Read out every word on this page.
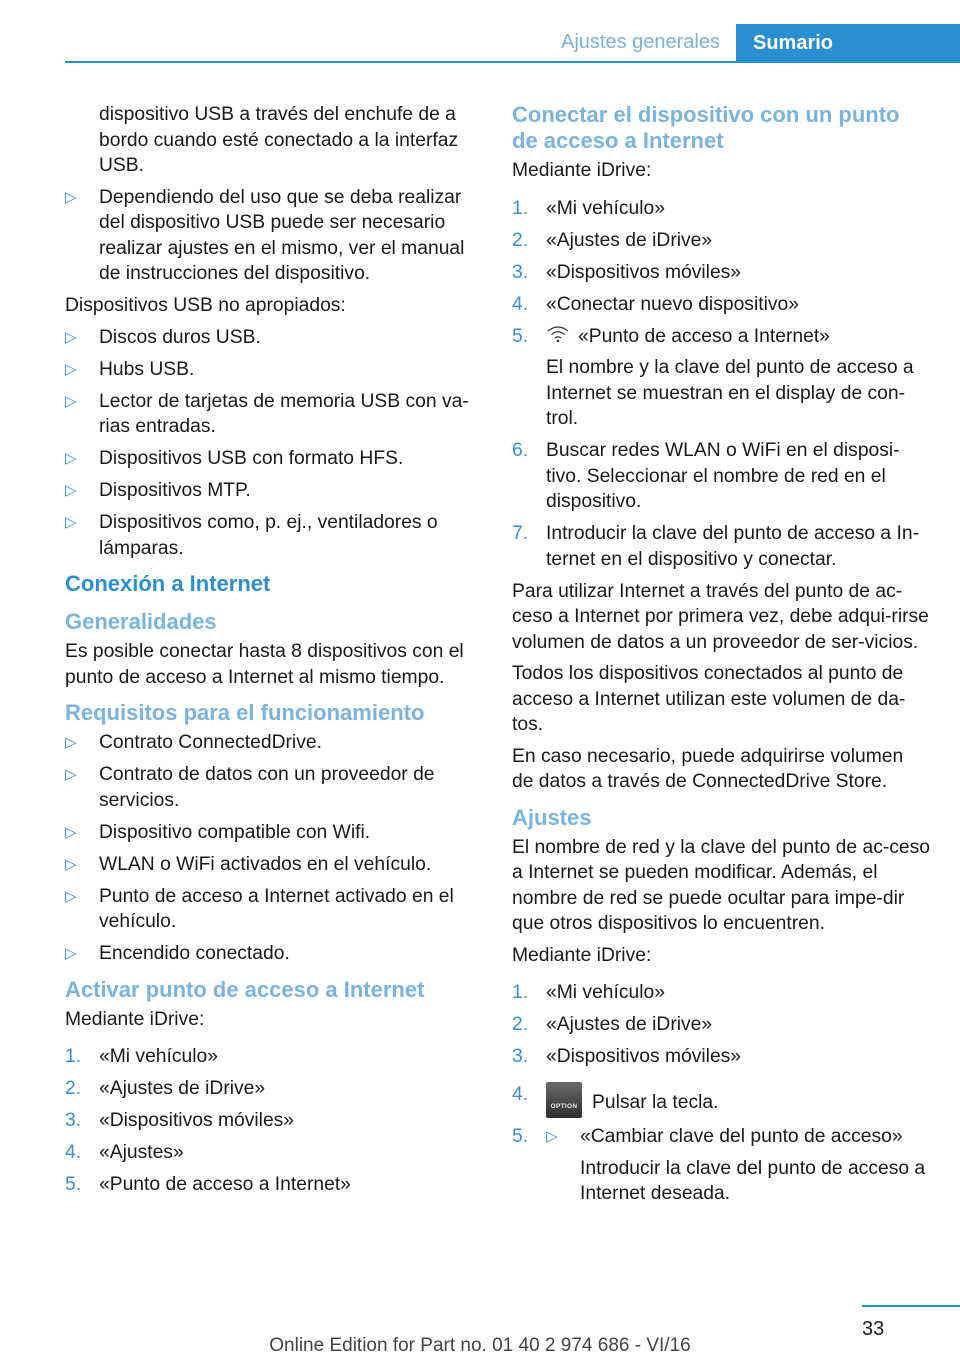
Ajustes generales	Sumario

dispositivo USB a través del enchufe de a bordo cuando esté conectado a la interfaz USB.

▷ Dependiendo del uso que se deba realizar del dispositivo USB puede ser necesario realizar ajustes en el mismo, ver el manual de instrucciones del dispositivo.

Dispositivos USB no apropiados:

▷ Discos duros USB.
▷ Hubs USB.
▷ Lector de tarjetas de memoria USB con va‐rias entradas.
▷ Dispositivos USB con formato HFS.
▷ Dispositivos MTP.
▷ Dispositivos como, p. ej., ventiladores o lámparas.
Conexión a Internet
Generalidades

Es posible conectar hasta 8 dispositivos con el punto de acceso a Internet al mismo tiempo.

Requisitos para el funcionamiento
▷ Contrato ConnectedDrive.
▷ Contrato de datos con un proveedor de servicios.
▷ Dispositivo compatible con Wifi.
▷ WLAN o WiFi activados en el vehículo.
▷ Punto de acceso a Internet activado en el vehículo.
▷ Encendido conectado.
Activar punto de acceso a Internet

Mediante iDrive:

1. «Mi vehículo»
2. «Ajustes de iDrive»
3. «Dispositivos móviles»
4. «Ajustes»
5. «Punto de acceso a Internet»
Conectar el dispositivo con un punto de acceso a Internet

Mediante iDrive:

1. «Mi vehículo»
2. «Ajustes de iDrive»
3. «Dispositivos móviles»
4. «Conectar nuevo dispositivo»
5.	«Punto de acceso a Internet»
El nombre y la clave del punto de acceso a Internet se muestran en el display de con‐trol.
6. Buscar redes WLAN o WiFi en el disposi‐tivo. Seleccionar el nombre de red en el dispositivo.
7. Introducir la clave del punto de acceso a In‐ternet en el dispositivo y conectar.

Para utilizar Internet a través del punto de ac‐ceso a Internet por primera vez, debe adqui‐rirse volumen de datos a un proveedor de ser‐vicios.

Todos los dispositivos conectados al punto de acceso a Internet utilizan este volumen de da‐tos.

En caso necesario, puede adquirirse volumen de datos a través de ConnectedDrive Store.

Ajustes

El nombre de red y la clave del punto de ac‐ceso a Internet se pueden modificar. Además, el nombre de red se puede ocultar para impe‐dir que otros dispositivos lo encuentren.

Mediante iDrive:

1. «Mi vehículo»
2. «Ajustes de iDrive»
3. «Dispositivos móviles»
4.
OPTION Pulsar la tecla.
5. ▷ «Cambiar clave del punto de acceso»
Introducir la clave del punto de acceso a Internet deseada.
33
Online Edition for Part no. 01 40 2 974 686 - VI/16
